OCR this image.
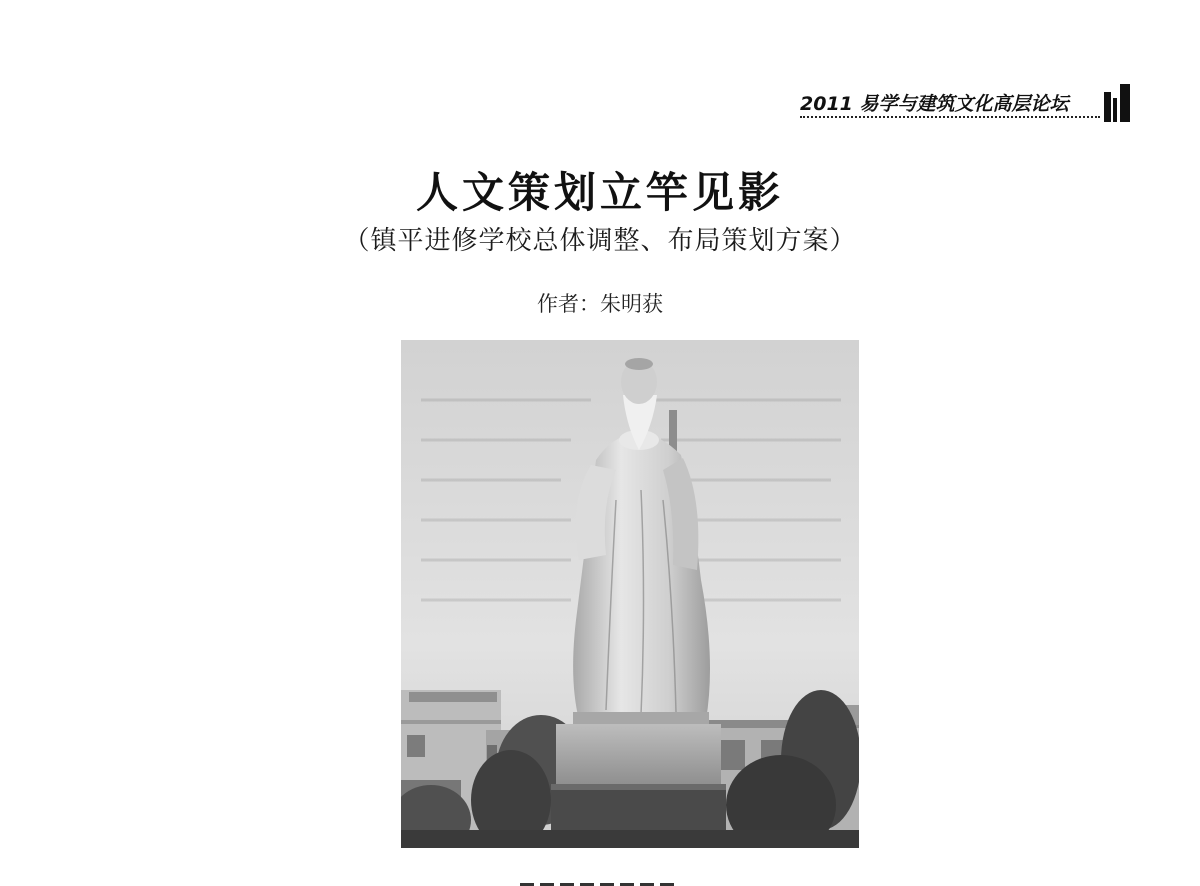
2011 易学与建筑文化高层论坛
人文策划立竿见影
（镇平进修学校总体调整、布局策划方案）
作者：朱明获
